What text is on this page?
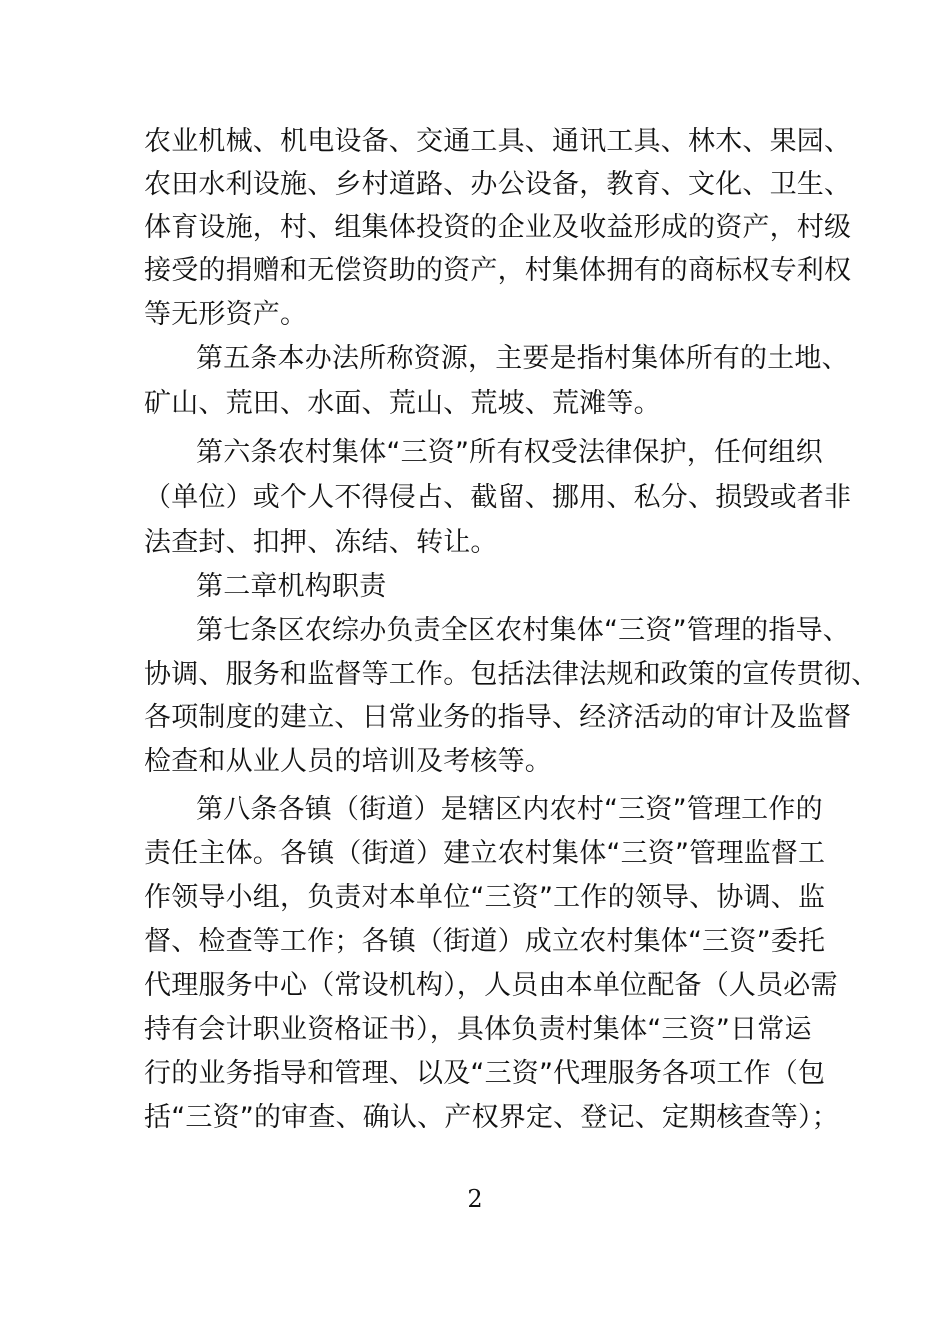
农业机械、机电设备、交通工具、通讯工具、林木、果园、
农田水利设施、乡村道路、办公设备，教育、文化、卫生、
体育设施，村、组集体投资的企业及收益形成的资产，村级
接受的捐赠和无偿资助的资产，村集体拥有的商标权专利权
等无形资产。
第五条本办法所称资源，主要是指村集体所有的土地、
矿山、荒田、水面、荒山、荒坡、荒滩等。
第六条农村集体“三资”所有权受法律保护，任何组织
（单位）或个人不得侵占、截留、挪用、私分、损毁或者非
法查封、扣押、冻结、转让。
第二章机构职责
第七条区农综办负责全区农村集体“三资”管理的指导、
协调、服务和监督等工作。包括法律法规和政策的宣传贯彻、
各项制度的建立、日常业务的指导、经济活动的审计及监督
检查和从业人员的培训及考核等。
第八条各镇（街道）是辖区内农村“三资”管理工作的
责任主体。各镇（街道）建立农村集体“三资”管理监督工
作领导小组，负责对本单位“三资”工作的领导、协调、监
督、检查等工作；各镇（街道）成立农村集体“三资”委托
代理服务中心（常设机构），人员由本单位配备（人员必需
持有会计职业资格证书），具体负责村集体“三资”日常运
行的业务指导和管理、以及“三资”代理服务各项工作（包
括“三资”的审查、确认、产权界定、登记、定期核查等）；
2
